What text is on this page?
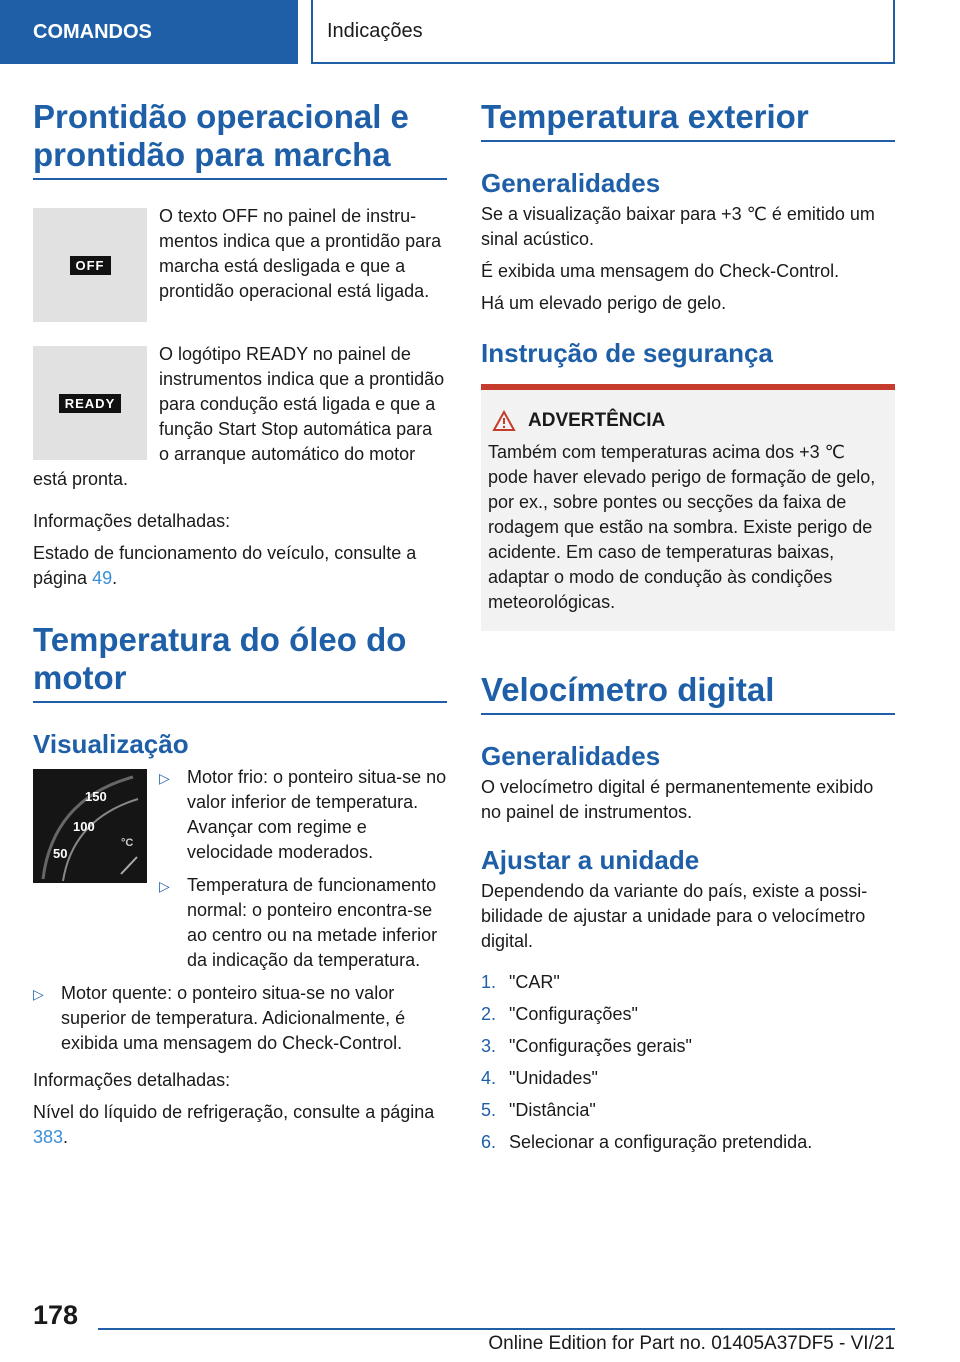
COMANDOS	Indicações
Prontidão operacional e prontidão para marcha
OFF

O texto OFF no painel de instrumentos indica que a prontidão para marcha está desligada e que a prontidão operacional está ligada.

READY

O logótipo READY no painel de instrumentos indica que a prontidão para condução está ligada e que a função Start Stop automática para o arranque automático do motor está pronta.

Informações detalhadas:

Estado de funcionamento do veículo, consulte a página 49.

Temperatura do óleo do motor
Visualização
150
100
50
°C
▷ Motor frio: o ponteiro situa-se no valor inferior de temperatura. Avançar com regime e velocidade moderados.
▷ Temperatura de funcionamento normal: o ponteiro encontra-se ao centro ou na metade inferior da indicação da temperatura.
▷ Motor quente: o ponteiro situa-se no valor superior de temperatura. Adicionalmente, é exibida uma mensagem do Check-Control.

Informações detalhadas:

Nível do líquido de refrigeração, consulte a página 383.

Temperatura exterior
Generalidades

Se a visualização baixar para +3 ℃ é emitido um sinal acústico.

É exibida uma mensagem do Check-Control.

Há um elevado perigo de gelo.

Instrução de segurança
ADVERTÊNCIA

Também com temperaturas acima dos +3 ℃ pode haver elevado perigo de formação de gelo, por ex., sobre pontes ou secções da faixa de rodagem que estão na sombra. Existe perigo de acidente. Em caso de temperaturas baixas, adaptar o modo de condução às condições meteorológicas.

Velocímetro digital
Generalidades

O velocímetro digital é permanentemente exibido no painel de instrumentos.

Ajustar a unidade

Dependendo da variante do país, existe a possibilidade de ajustar a unidade para o velocímetro digital.

1. "CAR"
2. "Configurações"
3. "Configurações gerais"
4. "Unidades"
5. "Distância"
6. Selecionar a configuração pretendida.
178
Online Edition for Part no. 01405A37DF5 - VI/21
